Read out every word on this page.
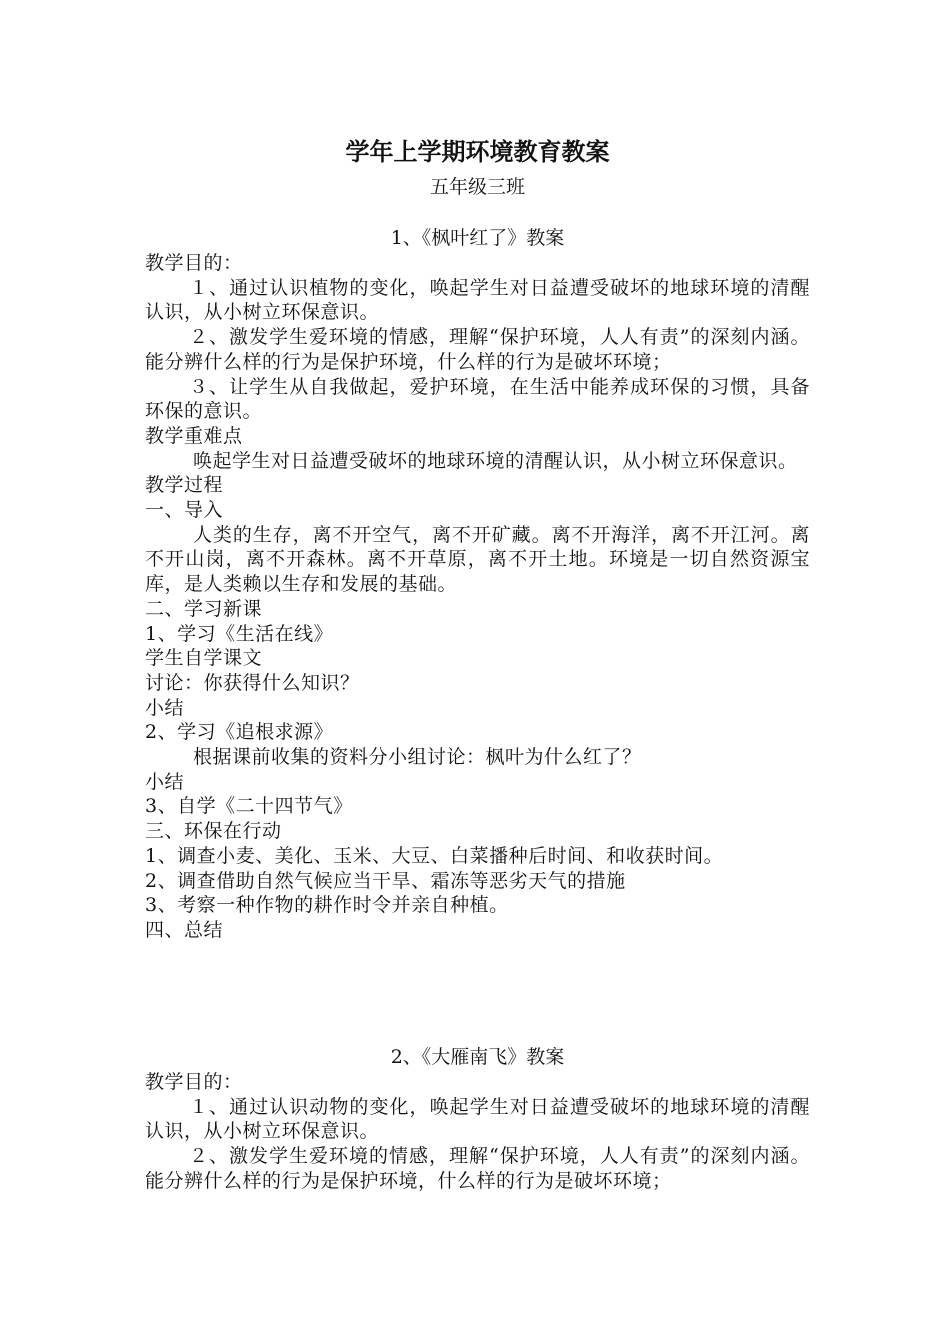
学年上学期环境教育教案
五年级三班
1、《枫叶红了》教案
教学目的：
１、通过认识植物的变化，唤起学生对日益遭受破坏的地球环境的清醒认识，从小树立环保意识。
２、激发学生爱环境的情感，理解“保护环境，人人有责”的深刻内涵。能分辨什么样的行为是保护环境，什么样的行为是破坏环境；
３、让学生从自我做起，爱护环境，在生活中能养成环保的习惯，具备环保的意识。
教学重难点
唤起学生对日益遭受破坏的地球环境的清醒认识，从小树立环保意识。
教学过程
一、导入
人类的生存，离不开空气，离不开矿藏。离不开海洋，离不开江河。离不开山岗，离不开森林。离不开草原，离不开土地。环境是一切自然资源宝库，是人类赖以生存和发展的基础。
二、学习新课
1、学习《生活在线》
学生自学课文
讨论：你获得什么知识？
小结
2、学习《追根求源》
根据课前收集的资料分小组讨论：枫叶为什么红了？
小结
3、自学《二十四节气》
三、环保在行动
1、调查小麦、美化、玉米、大豆、白菜播种后时间、和收获时间。
2、调查借助自然气候应当干旱、霜冻等恶劣天气的措施
3、考察一种作物的耕作时令并亲自种植。
四、总结
2、《大雁南飞》教案
教学目的：
１、通过认识动物的变化，唤起学生对日益遭受破坏的地球环境的清醒认识，从小树立环保意识。
２、激发学生爱环境的情感，理解“保护环境，人人有责”的深刻内涵。能分辨什么样的行为是保护环境，什么样的行为是破坏环境；
